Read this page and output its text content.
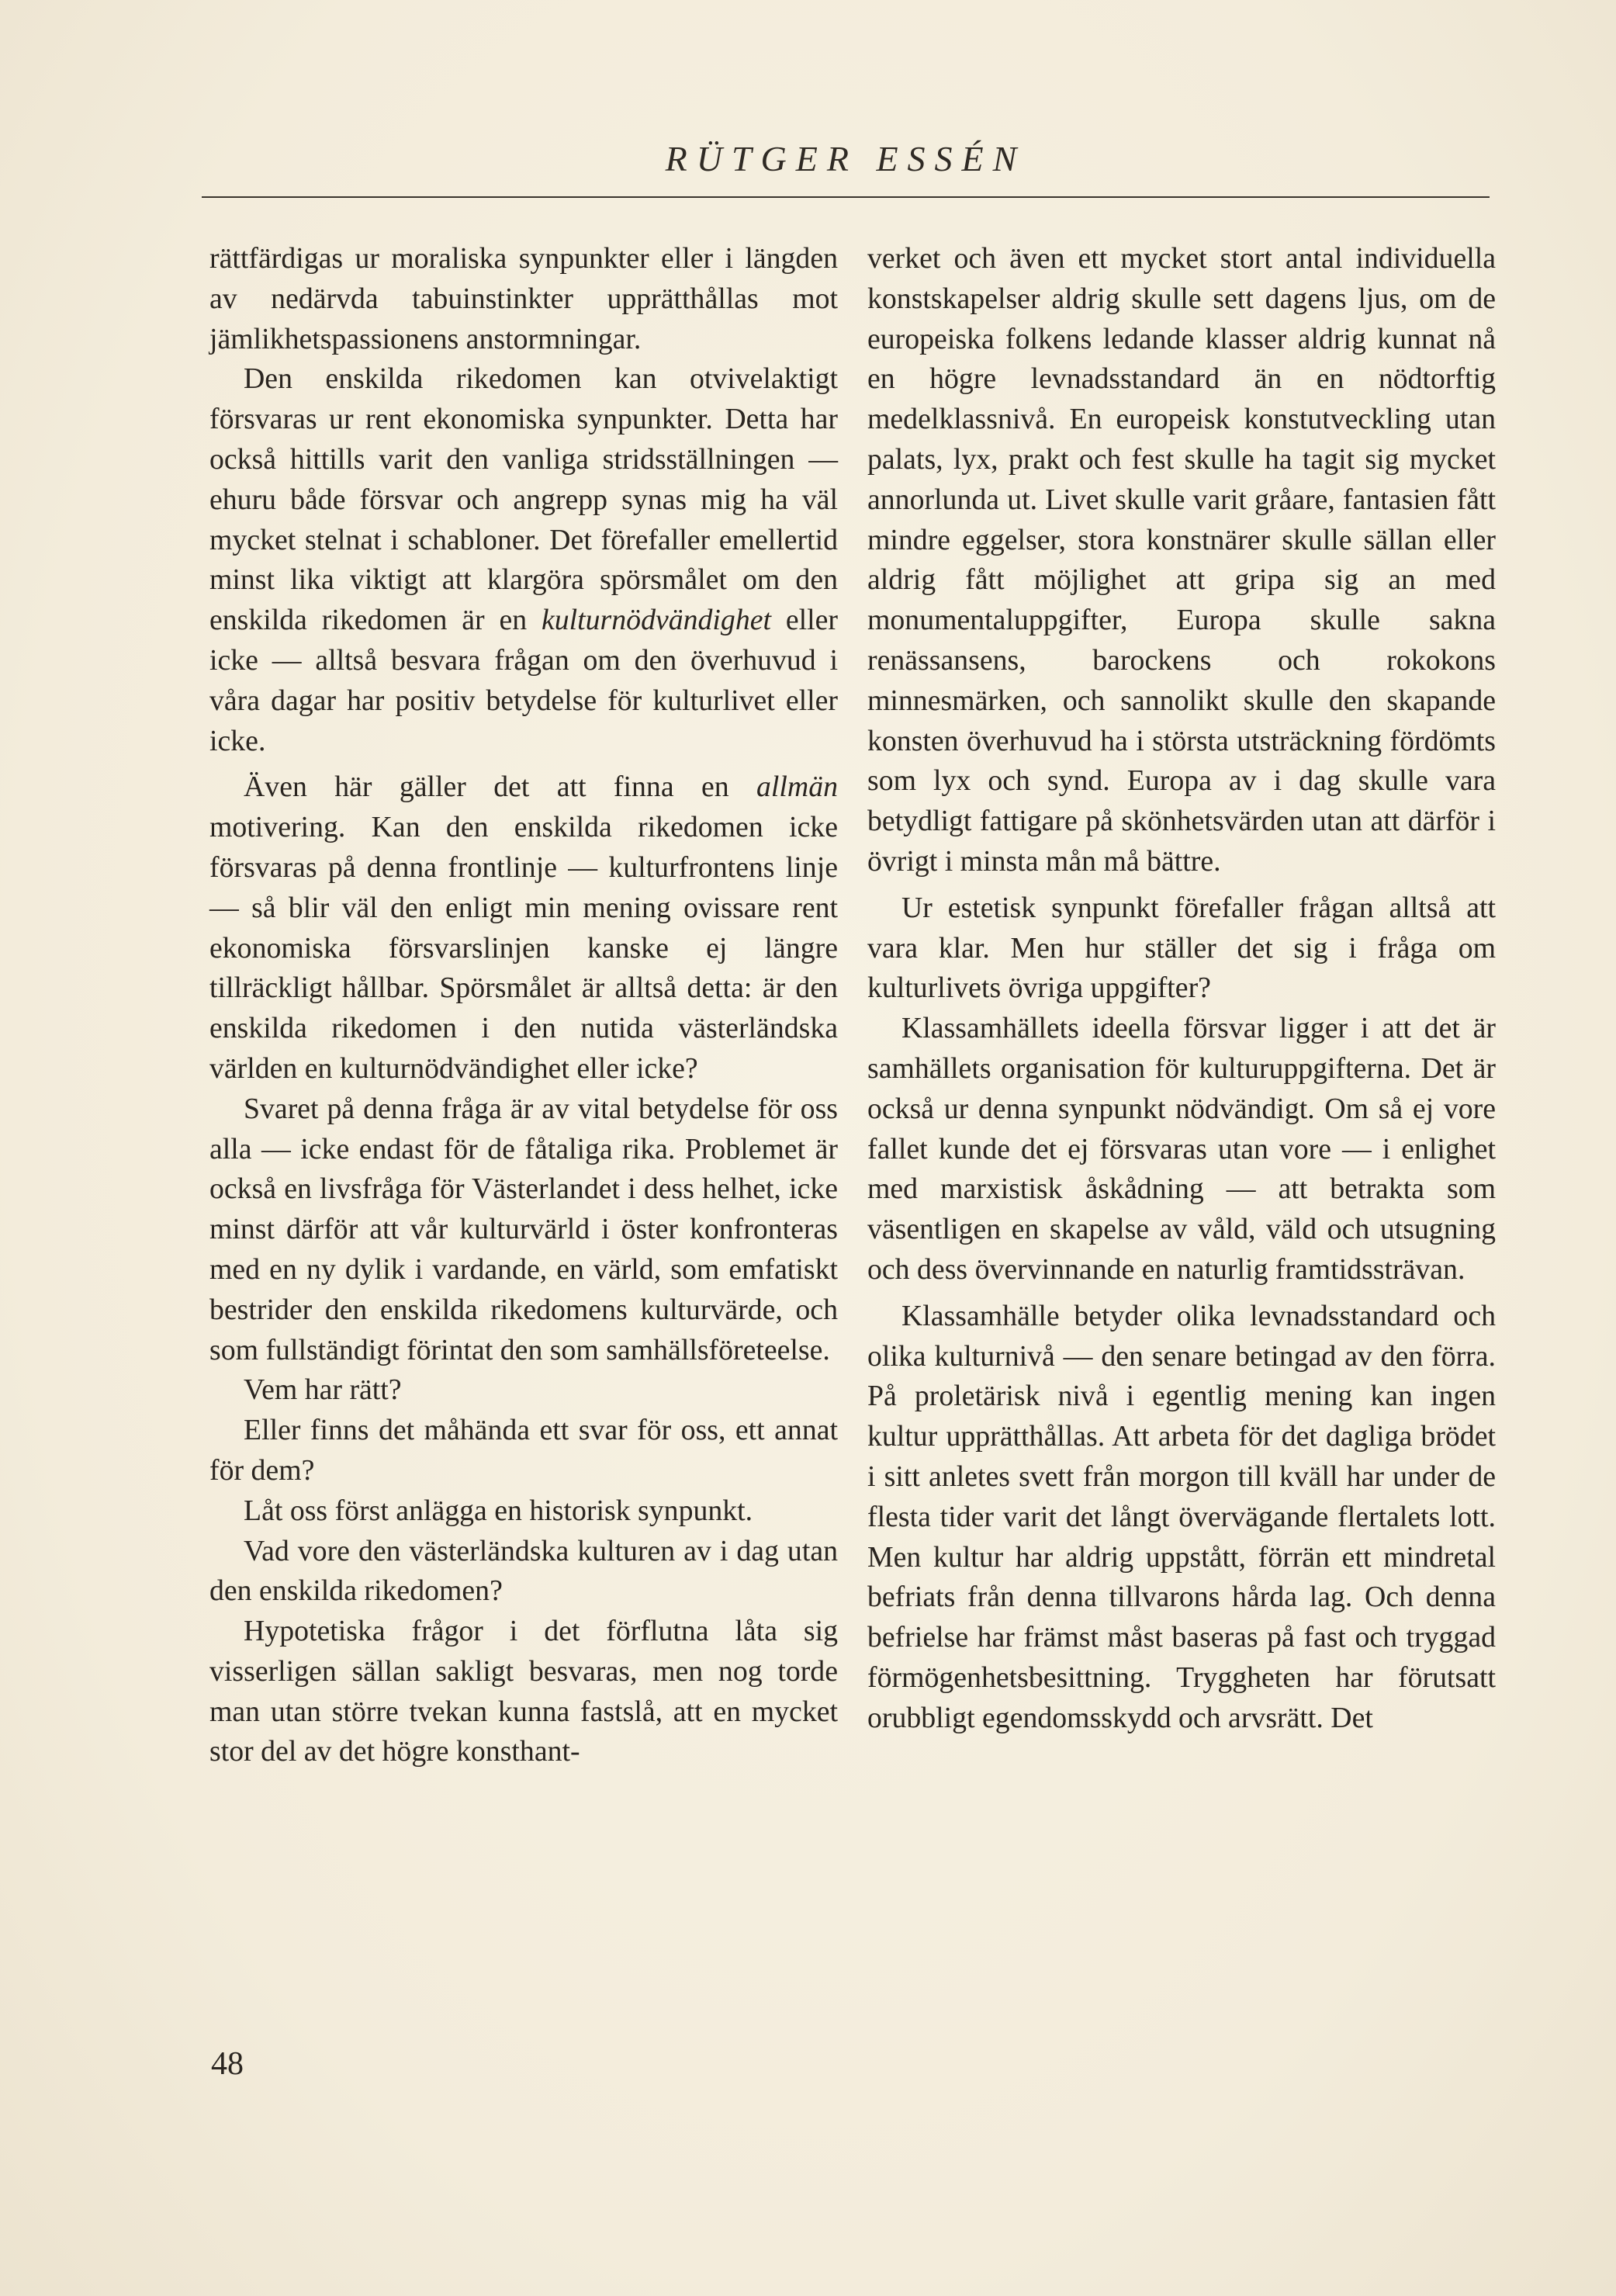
RÜTGER ESSÉN

rättfärdigas ur moraliska synpunkter eller i längden av nedärvda tabuinstinkter upprätthållas mot jämlikhetspassionens anstormningar.

Den enskilda rikedomen kan otvivelaktigt försvaras ur rent ekonomiska synpunkter. Detta har också hittills varit den vanliga stridsställningen — ehuru både försvar och angrepp synas mig ha väl mycket stelnat i schabloner. Det förefaller emellertid minst lika viktigt att klargöra spörsmålet om den enskilda rikedomen är en kulturnödvändighet eller icke — alltså besvara frågan om den överhuvud i våra dagar har positiv betydelse för kulturlivet eller icke.

Även här gäller det att finna en allmän motivering. Kan den enskilda rikedomen icke försvaras på denna frontlinje — kulturfrontens linje — så blir väl den enligt min mening ovissare rent ekonomiska försvarslinjen kanske ej längre tillräckligt hållbar. Spörsmålet är alltså detta: är den enskilda rikedomen i den nutida västerländska världen en kulturnödvändighet eller icke?

Svaret på denna fråga är av vital betydelse för oss alla — icke endast för de fåtaliga rika. Problemet är också en livsfråga för Västerlandet i dess helhet, icke minst därför att vår kulturvärld i öster konfronteras med en ny dylik i vardande, en värld, som emfatiskt bestrider den enskilda rikedomens kulturvärde, och som fullständigt förintat den som samhällsföreteelse.

Vem har rätt?

Eller finns det måhända ett svar för oss, ett annat för dem?

Låt oss först anlägga en historisk synpunkt.

Vad vore den västerländska kulturen av i dag utan den enskilda rikedomen?

Hypotetiska frågor i det förflutna låta sig visserligen sällan sakligt besvaras, men nog torde man utan större tvekan kunna fastslå, att en mycket stor del av det högre konsthant-

verket och även ett mycket stort antal individuella konstskapelser aldrig skulle sett dagens ljus, om de europeiska folkens ledande klasser aldrig kunnat nå en högre levnadsstandard än en nödtorftig medelklassnivå. En europeisk konstutveckling utan palats, lyx, prakt och fest skulle ha tagit sig mycket annorlunda ut. Livet skulle varit gråare, fantasien fått mindre eggelser, stora konstnärer skulle sällan eller aldrig fått möjlighet att gripa sig an med monumentaluppgifter, Europa skulle sakna renässansens, barockens och rokokons minnesmärken, och sannolikt skulle den skapande konsten överhuvud ha i största utsträckning fördömts som lyx och synd. Europa av i dag skulle vara betydligt fattigare på skönhetsvärden utan att därför i övrigt i minsta mån må bättre.

Ur estetisk synpunkt förefaller frågan alltså att vara klar. Men hur ställer det sig i fråga om kulturlivets övriga uppgifter?

Klassamhällets ideella försvar ligger i att det är samhällets organisation för kulturuppgifterna. Det är också ur denna synpunkt nödvändigt. Om så ej vore fallet kunde det ej försvaras utan vore — i enlighet med marxistisk åskådning — att betrakta som väsentligen en skapelse av våld, väld och utsugning och dess övervinnande en naturlig framtidssträvan.

Klassamhälle betyder olika levnadsstandard och olika kulturnivå — den senare betingad av den förra. På proletärisk nivå i egentlig mening kan ingen kultur upprätthållas. Att arbeta för det dagliga brödet i sitt anletes svett från morgon till kväll har under de flesta tider varit det långt övervägande flertalets lott. Men kultur har aldrig uppstått, förrän ett mindretal befriats från denna tillvarons hårda lag. Och denna befrielse har främst måst baseras på fast och tryggad förmögenhetsbesittning. Tryggheten har förutsatt orubbligt egendomsskydd och arvsrätt. Det

48
